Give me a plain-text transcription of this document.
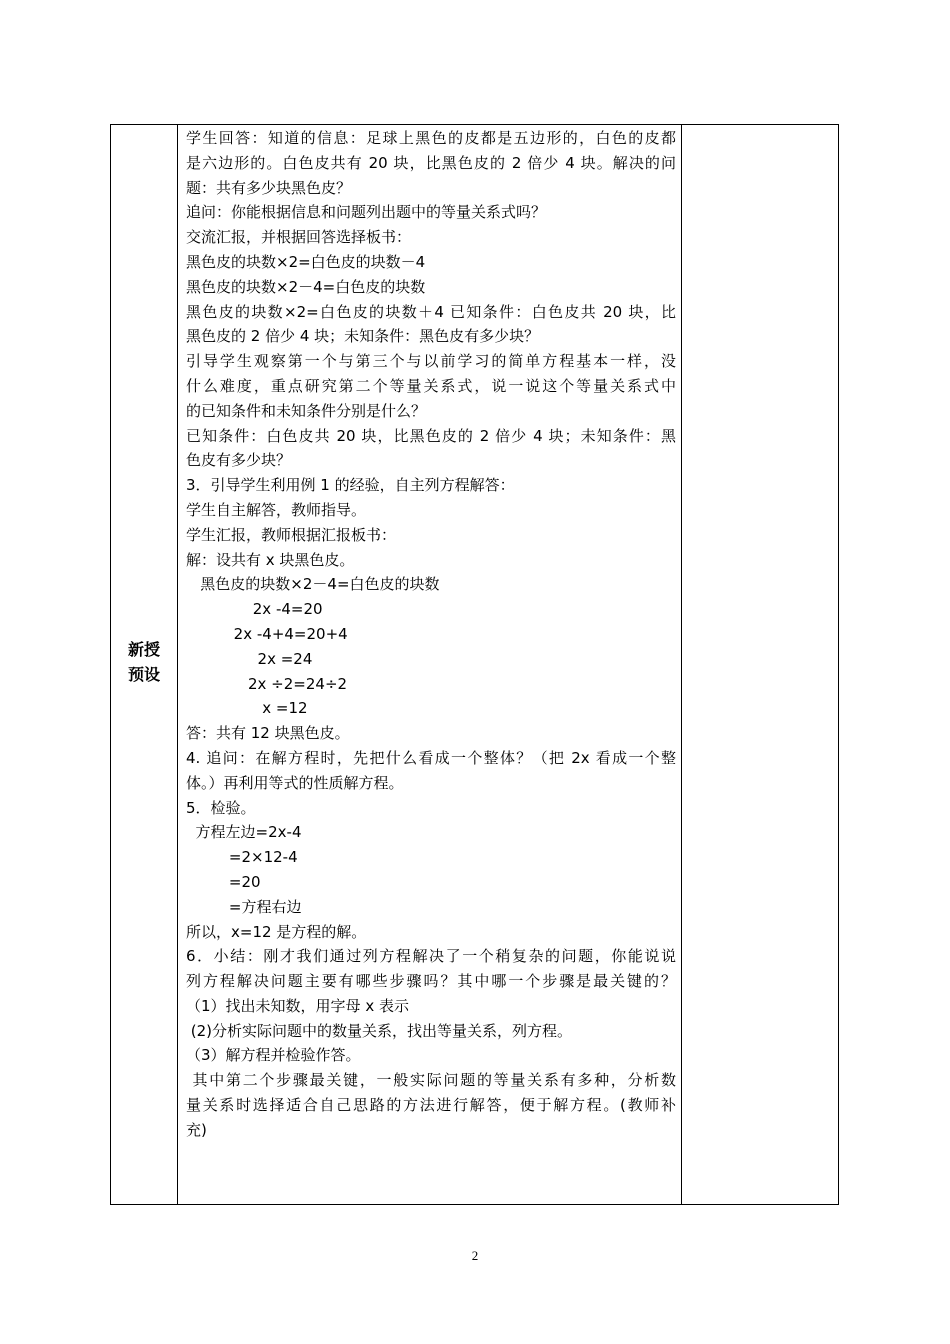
新授
预设
学生回答：知道的信息：足球上黑色的皮都是五边形的，白色的皮都
是六边形的。白色皮共有 20 块，比黑色皮的 2 倍少 4 块。解决的问
题：共有多少块黑色皮？
追问：你能根据信息和问题列出题中的等量关系式吗？
交流汇报，并根据回答选择板书：
黑色皮的块数×2=白色皮的块数－4
黑色皮的块数×2－4=白色皮的块数
黑色皮的块数×2=白色皮的块数＋4 已知条件：白色皮共 20 块，比
黑色皮的 2 倍少 4 块；未知条件：黑色皮有多少块？
引导学生观察第一个与第三个与以前学习的简单方程基本一样，没
什么难度，重点研究第二个等量关系式，说一说这个等量关系式中
的已知条件和未知条件分别是什么？
已知条件：白色皮共 20 块，比黑色皮的 2 倍少 4 块；未知条件：黑
色皮有多少块？
3．引导学生利用例 1 的经验，自主列方程解答：
学生自主解答，教师指导。
学生汇报，教师根据汇报板书：
解：设共有 x 块黑色皮。
黑色皮的块数×2－4=白色皮的块数
2x -4=20
2x -4+4=20+4
2x =24
2x ÷2=24÷2
x =12
答：共有 12 块黑色皮。
4. 追问：在解方程时，先把什么看成一个整体？（把 2x 看成一个整
体。）再利用等式的性质解方程。
5．检验。
方程左边=2x-4
=2×12-4
=20
=方程右边
所以，x=12 是方程的解。
6．小结：刚才我们通过列方程解决了一个稍复杂的问题，你能说说
列方程解决问题主要有哪些步骤吗？其中哪一个步骤是最关键的？
（1）找出未知数，用字母 x 表示
(2)分析实际问题中的数量关系，找出等量关系，列方程。
（3）解方程并检验作答。
其中第二个步骤最关键，一般实际问题的等量关系有多种，分析数
量关系时选择适合自己思路的方法进行解答，便于解方程。(教师补
充)
2
